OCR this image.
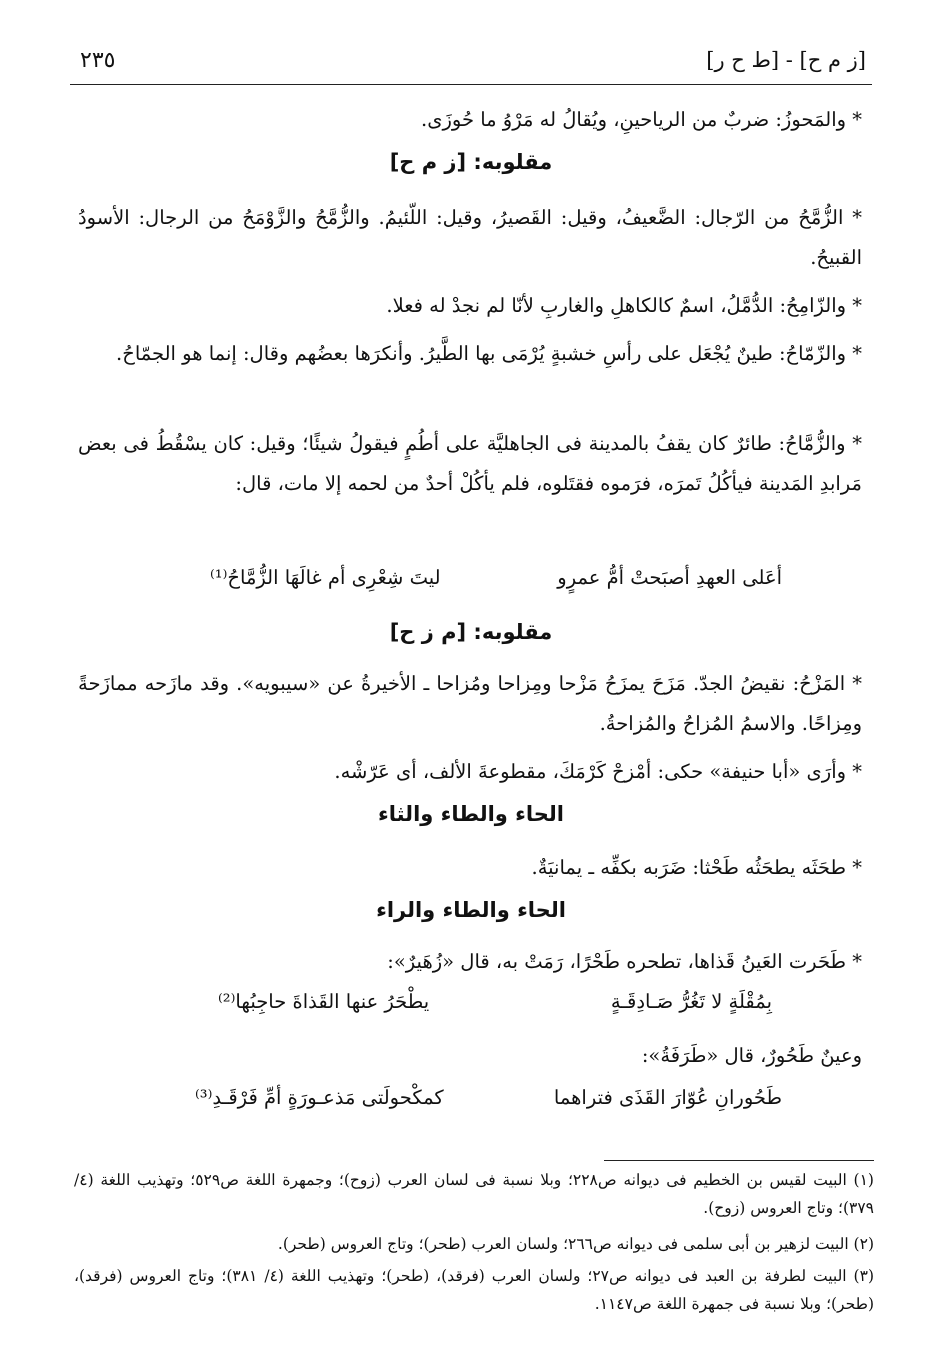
[ز م ح] - [ط ح ر]
٢٣٥
* والمَحوزُ: ضربٌ من الرياحينِ، ويُقالُ له مَرْوُ ما حُوزَى.
مقلوبه: [ز م ح]
* الزُّمَّحُ من الرّجال: الضَّعيفُ، وقيل: القَصيرُ، وقيل: اللّئيمُ. والزُّمَّحُ والزَّوْمَحُ من الرجال: الأسودُ القبيحُ.
* والزّامِحُ: الدُّمَّلُ، اسمٌ كالكاهلِ والغاربِ لأنّا لم نجدْ له فعلا.
* والزّمّاحُ: طينٌ يُجْعَل على رأسِ خشبةٍ يُرْمَى بها الطَّيرُ. وأنكرَها بعضُهم وقال: إنما هو الجمّاحُ.
* والزُّمَّاحُ: طائرٌ كان يقفُ بالمدينة فى الجاهليَّة على أطُمٍ فيقولُ شيئًا؛ وقيل: كان يسْقُطُ فى بعض مَرابدِ المَدينة فيأكُلُ تَمرَه، فرَموه فقتَلوه، فلم يأكُلْ أحدٌ من لحمه إلا مات، قال:
أعَلى العهدِ أصبَحتْ أمُّ عمرٍو
ليتَ شِعْرِى أم غالَهَا الزُّمَّاحُ⁽¹⁾
مقلوبه: [م ز ح]
* المَزْحُ: نقيضُ الجدّ. مَزَحَ يمزَحُ مَزْحا ومِزاحا ومُزاحا ـ الأخيرةُ عن «سيبويه». وقد مازَحه ممازَحةً ومِزاحًا. والاسمُ المُزاحُ والمُزاحةُ.
* وأرَى «أبا حنيفة» حكى: أمْزحْ كَرْمَكَ، مقطوعةَ الألف، أى عَرّشْه.
الحاء والطاء والثاء
* طحَثَه يطحَثُه طَحْثا: ضَرَبه بكفِّه ـ يمانيَةٌ.
الحاء والطاء والراء
* طَحَرت العَينُ قَذاها، تطحره طَحْرًا، رَمَتْ به، قال «زُهَيرٌ»:
بِمُقْلَةٍ لا تَغُرُّ صَـادِقَـةٍ
يطْحَرُ عنها القَذاةَ حاجِبُها⁽²⁾
وعينٌ طَحُورٌ، قال «طَرَفَةُ»:
طَحُورانِ عُوّارَ القَذَى فتراهما
كمكْحولَتى مَذعـورَةٍ أمِّ فَرْقَـدِ⁽³⁾
(١) البيت لقيس بن الخطيم فى ديوانه ص٢٢٨؛ وبلا نسبة فى لسان العرب (زوح)؛ وجمهرة اللغة ص٥٢٩؛ وتهذيب اللغة (٤/ ٣٧٩)؛ وتاج العروس (زوح).
(٢) البيت لزهير بن أبى سلمى فى ديوانه ص٢٦٦؛ ولسان العرب (طحر)؛ وتاج العروس (طحر).
(٣) البيت لطرفة بن العبد فى ديوانه ص٢٧؛ ولسان العرب (فرقد)، (طحر)؛ وتهذيب اللغة (٤/ ٣٨١)؛ وتاج العروس (فرقد)، (طحر)؛ وبلا نسبة فى جمهرة اللغة ص١١٤٧.
